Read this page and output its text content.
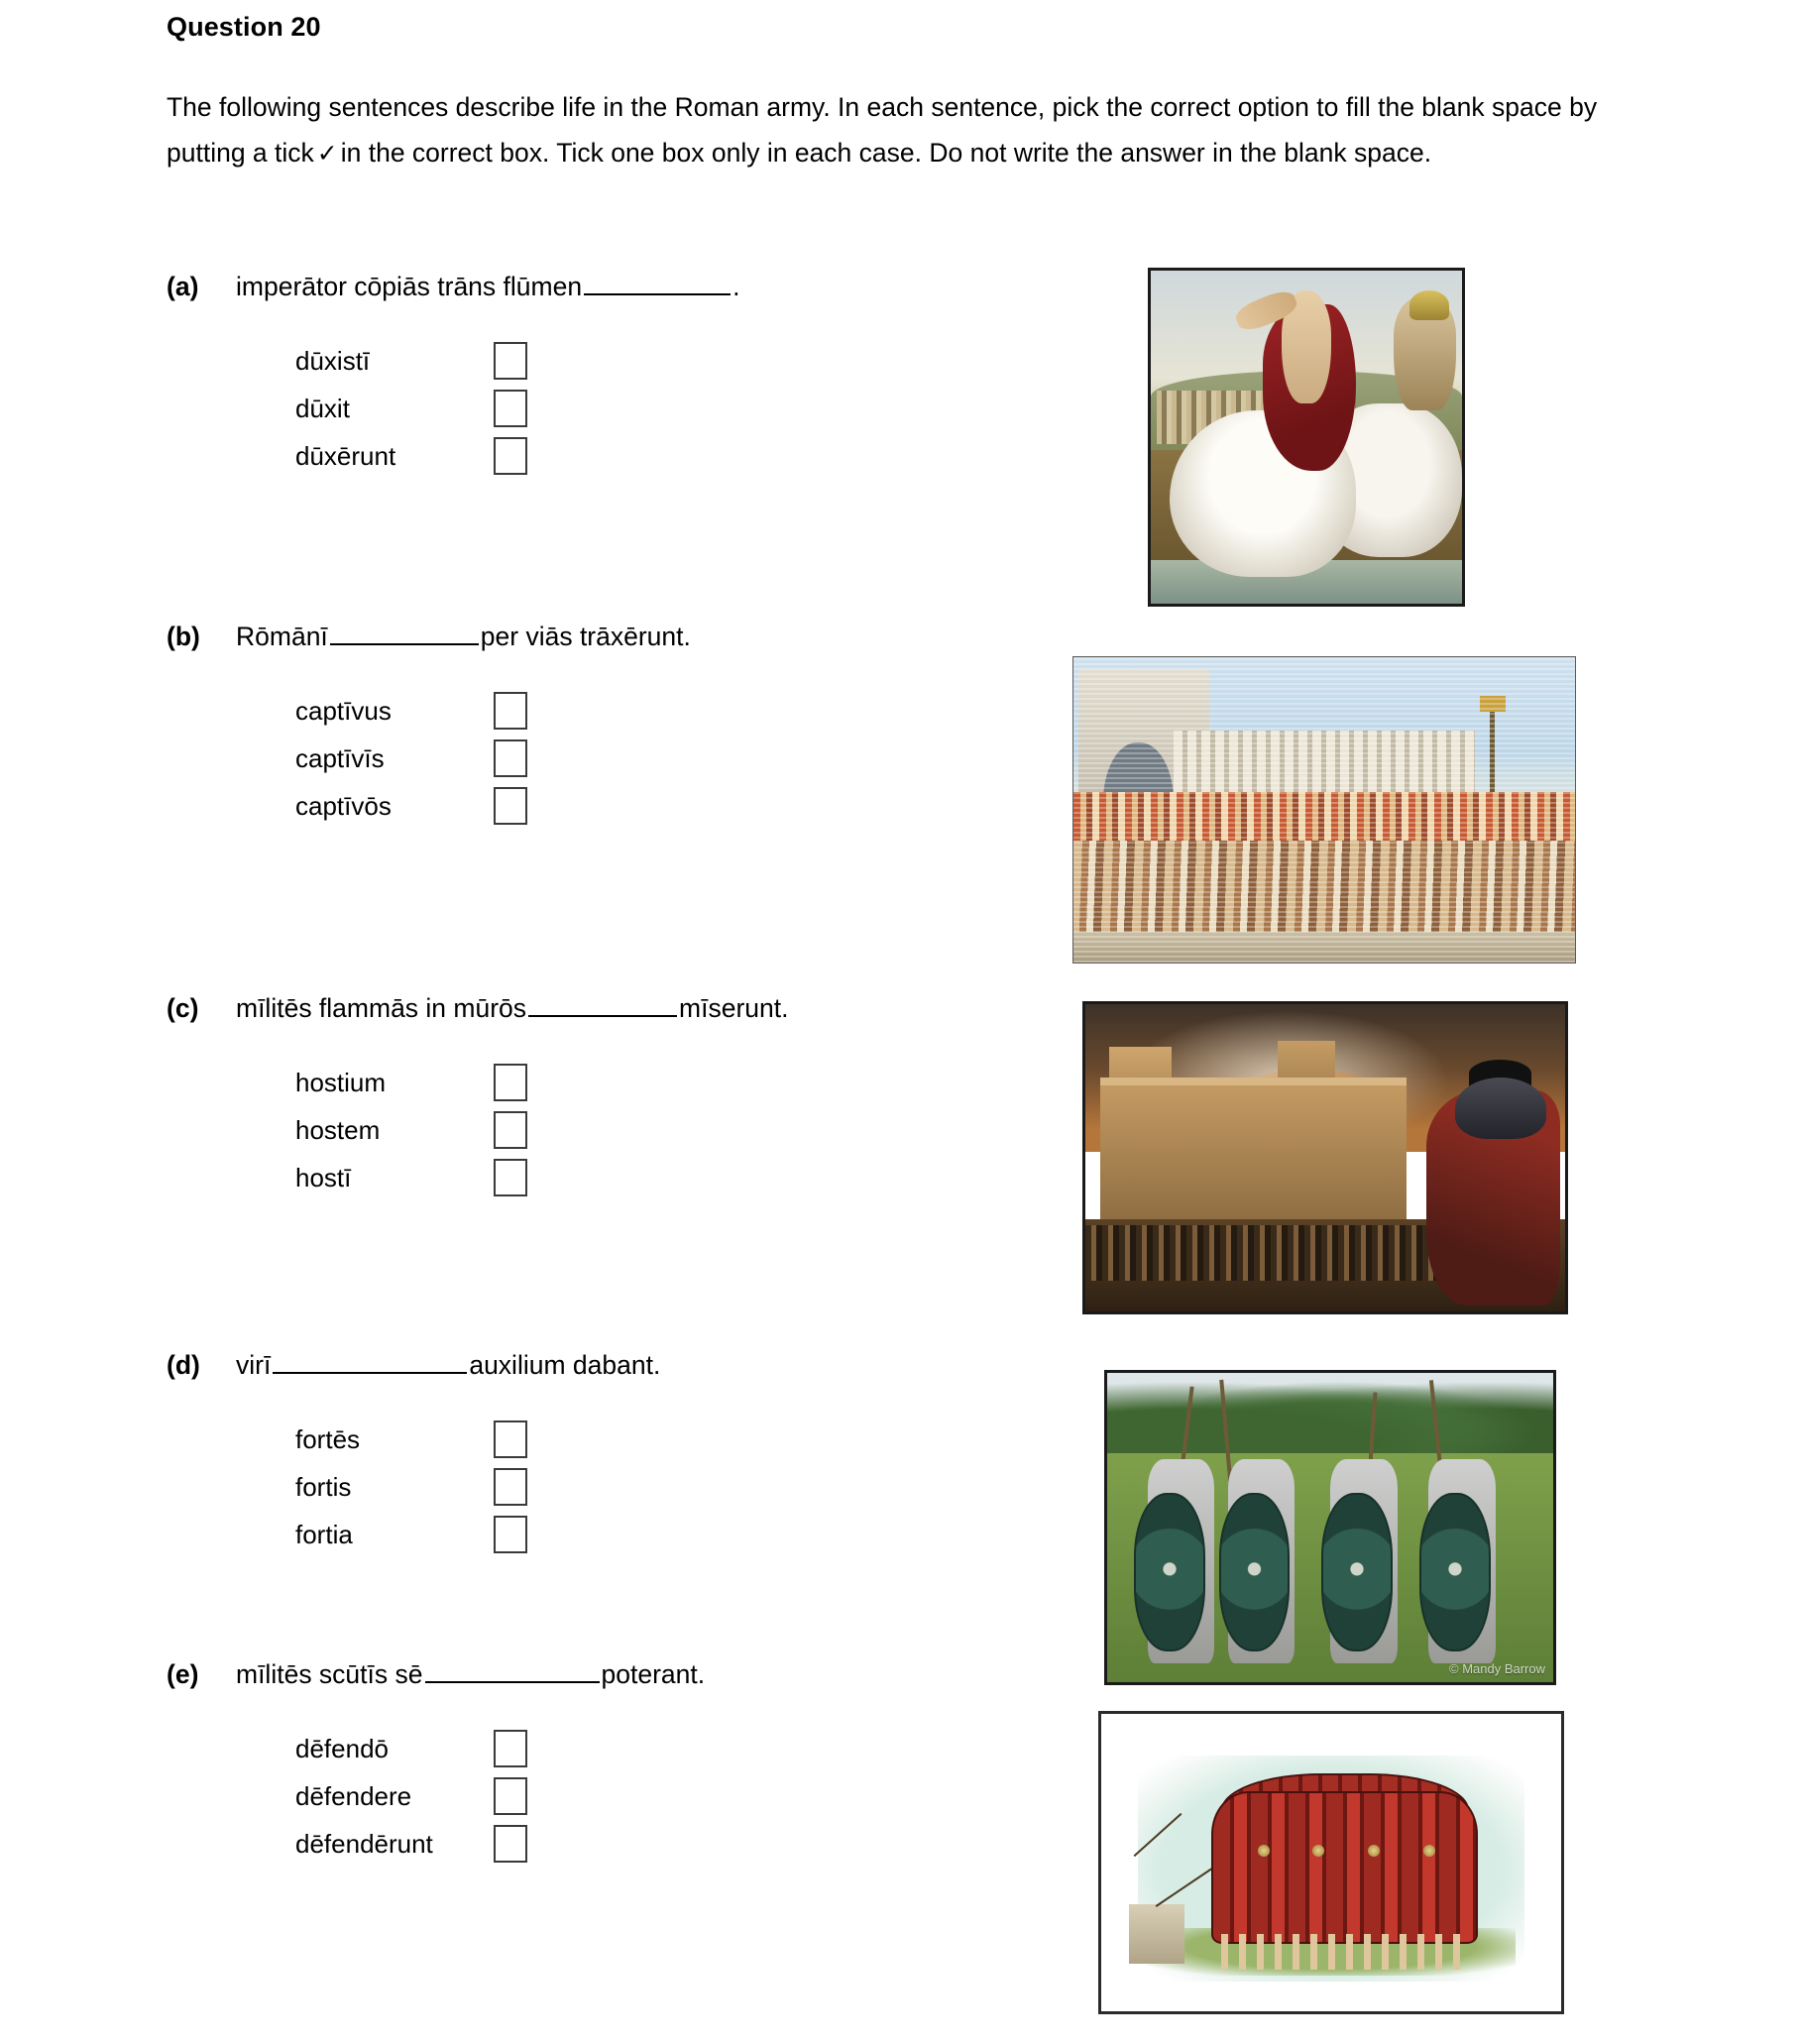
Question 20
The following sentences describe life in the Roman army. In each sentence, pick the correct option to fill the blank space by putting a tick ✓ in the correct box. Tick one box only in each case. Do not write the answer in the blank space.
(a)	imperātor cōpiās trāns flūmen	.
dūxistī
dūxit
dūxērunt
(b)	Rōmānī	per viās trāxērunt.
captīvus
captīvīs
captīvōs
(c)	mīlitēs flammās in mūrōs	mīserunt.
hostium
hostem
hostī
(d)	virī	auxilium dabant.
fortēs
fortis
fortia
(e)	mīlitēs scūtīs sē	poterant.
dēfendō
dēfendere
dēfendērunt
© Mandy Barrow
